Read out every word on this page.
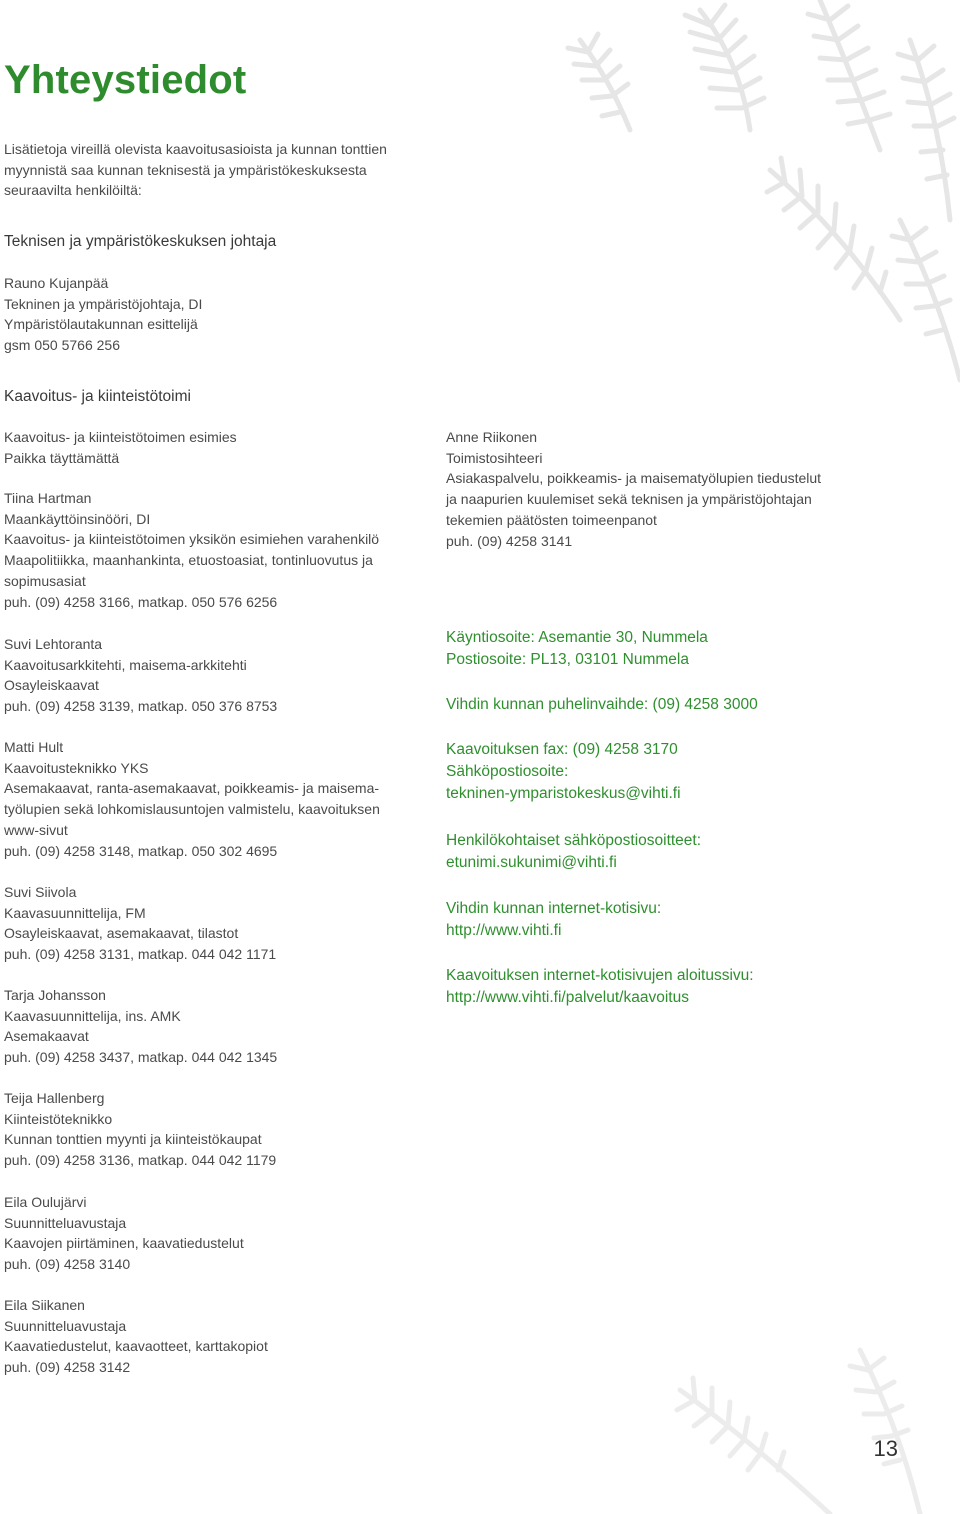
Yhteystiedot
Lisätietoja vireillä olevista kaavoitusasioista ja kunnan tonttien
myynnistä saa kunnan teknisestä ja ympäristökeskuksesta
seuraavilta henkilöiltä:
Teknisen ja ympäristökeskuksen johtaja
Rauno Kujanpää
Tekninen ja ympäristöjohtaja, DI
Ympäristölautakunnan esittelijä
gsm 050 5766 256
Kaavoitus- ja kiinteistötoimi
Kaavoitus- ja kiinteistötoimen esimies
Paikka täyttämättä
Tiina Hartman
Maankäyttöinsinööri, DI
Kaavoitus- ja kiinteistötoimen yksikön esimiehen varahenkilö
Maapolitiikka, maanhankinta, etuostoasiat, tontinluovutus ja
sopimusasiat
puh. (09) 4258 3166, matkap. 050 576 6256
Suvi Lehtoranta
Kaavoitusarkkitehti, maisema-arkkitehti
Osayleiskaavat
puh. (09) 4258 3139, matkap. 050 376 8753
Matti Hult
Kaavoitusteknikko YKS
Asemakaavat, ranta-asemakaavat, poikkeamis- ja maisema-
työlupien sekä lohkomislausuntojen valmistelu, kaavoituksen
www-sivut
puh. (09) 4258 3148, matkap. 050 302 4695
Suvi Siivola
Kaavasuunnittelija, FM
Osayleiskaavat, asemakaavat, tilastot
puh. (09) 4258 3131, matkap. 044 042 1171
Tarja Johansson
Kaavasuunnittelija, ins. AMK
Asemakaavat
puh. (09) 4258 3437, matkap. 044 042 1345
Teija Hallenberg
Kiinteistöteknikko
Kunnan tonttien myynti ja kiinteistökaupat
puh. (09) 4258 3136, matkap. 044 042 1179
Eila Oulujärvi
Suunnitteluavustaja
Kaavojen piirtäminen, kaavatiedustelut
puh. (09) 4258 3140
Eila Siikanen
Suunnitteluavustaja
Kaavatiedustelut, kaavaotteet, karttakopiot
puh. (09) 4258 3142
Anne Riikonen
Toimistosihteeri
Asiakaspalvelu, poikkeamis- ja maisematyölupien tiedustelut
ja naapurien kuulemiset sekä teknisen ja ympäristöjohtajan
tekemien päätösten toimeenpanot
puh. (09) 4258 3141
Käyntiosoite: Asemantie 30, Nummela
Postiosoite: PL13, 03101 Nummela
Vihdin kunnan puhelinvaihde: (09) 4258 3000
Kaavoituksen fax: (09) 4258 3170
Sähköpostiosoite:
tekninen-ymparistokeskus@vihti.fi
Henkilökohtaiset sähköpostiosoitteet:
etunimi.sukunimi@vihti.fi
Vihdin kunnan internet-kotisivu:
http://www.vihti.fi
Kaavoituksen internet-kotisivujen aloitussivu:
http://www.vihti.fi/palvelut/kaavoitus
13
